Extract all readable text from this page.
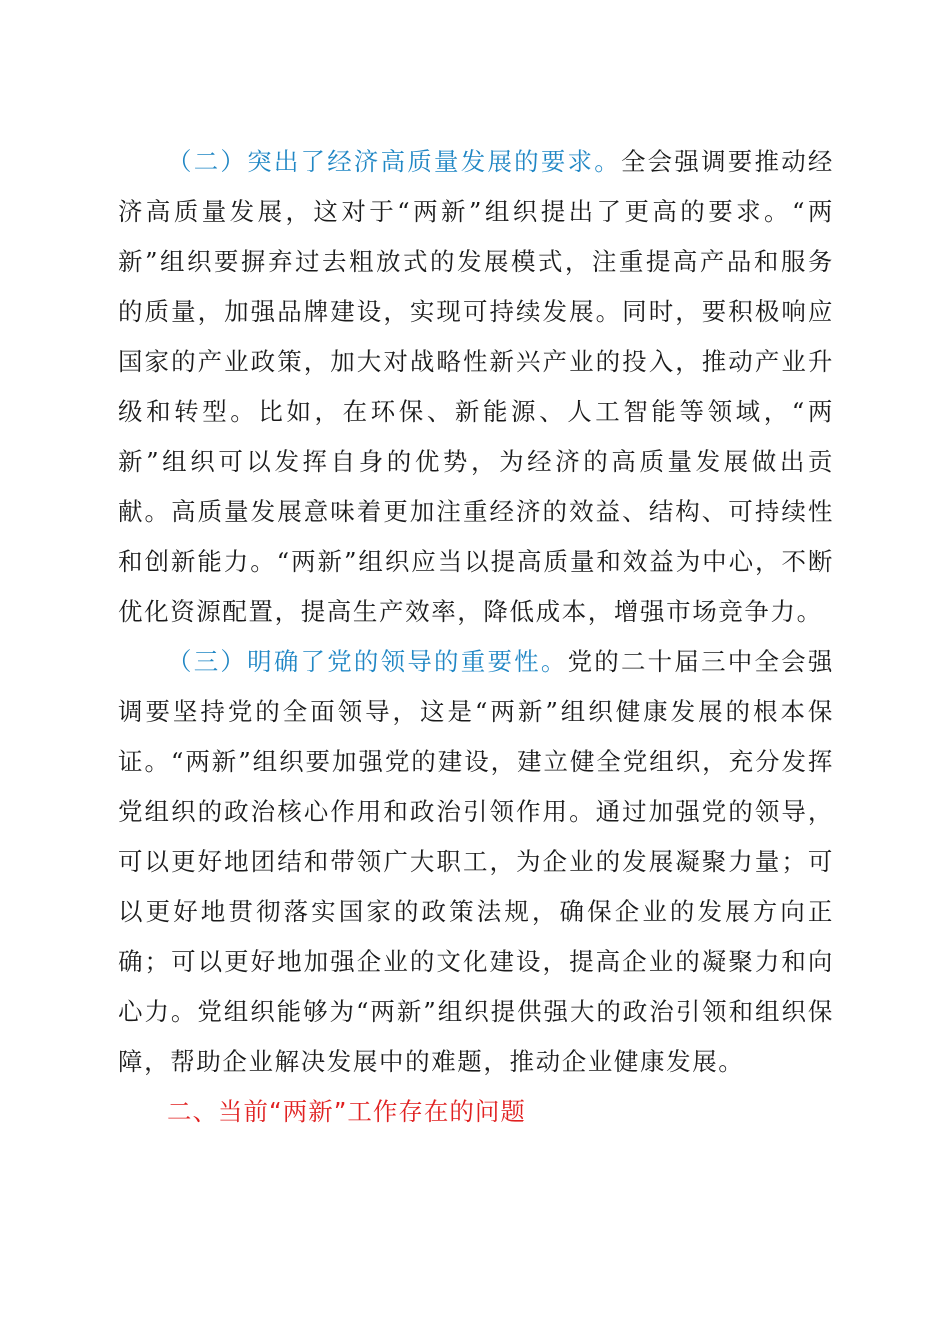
（二）突出了经济高质量发展的要求。全会强调要推动经济高质量发展，这对于“两新”组织提出了更高的要求。“两新”组织要摒弃过去粗放式的发展模式，注重提高产品和服务的质量，加强品牌建设，实现可持续发展。同时，要积极响应国家的产业政策，加大对战略性新兴产业的投入，推动产业升级和转型。比如，在环保、新能源、人工智能等领域，“两新”组织可以发挥自身的优势，为经济的高质量发展做出贡献。高质量发展意味着更加注重经济的效益、结构、可持续性和创新能力。“两新”组织应当以提高质量和效益为中心，不断优化资源配置，提高生产效率，降低成本，增强市场竞争力。

（三）明确了党的领导的重要性。党的二十届三中全会强调要坚持党的全面领导，这是“两新”组织健康发展的根本保证。“两新”组织要加强党的建设，建立健全党组织，充分发挥党组织的政治核心作用和政治引领作用。通过加强党的领导，可以更好地团结和带领广大职工，为企业的发展凝聚力量；可以更好地贯彻落实国家的政策法规，确保企业的发展方向正确；可以更好地加强企业的文化建设，提高企业的凝聚力和向心力。党组织能够为“两新”组织提供强大的政治引领和组织保障，帮助企业解决发展中的难题，推动企业健康发展。

二、当前“两新”工作存在的问题
